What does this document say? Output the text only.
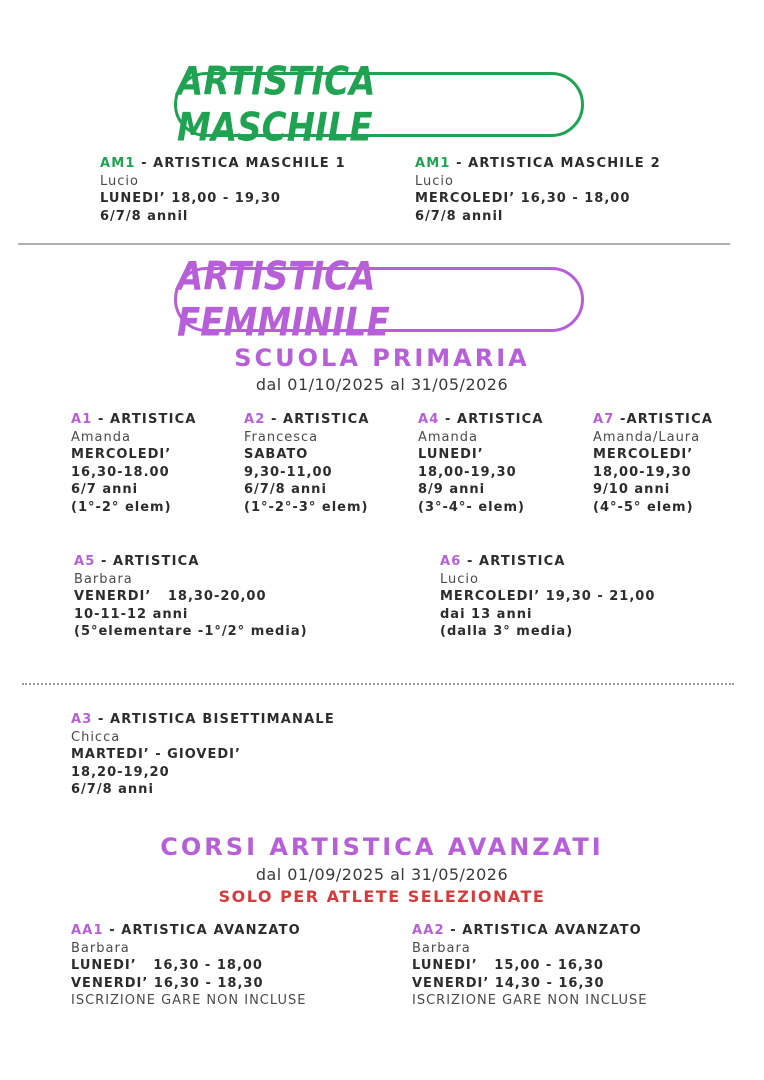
ARTISTICA MASCHILE
AM1 - ARTISTICA MASCHILE 1
Lucio
LUNEDI’ 18,00 - 19,30
6/7/8 annil
AM1 - ARTISTICA MASCHILE 2
Lucio
MERCOLEDI’ 16,30 - 18,00
6/7/8 annil
ARTISTICA FEMMINILE
SCUOLA PRIMARIA
dal 01/10/2025 al 31/05/2026
A1 - ARTISTICA
Amanda
MERCOLEDI’
16,30-18.00
6/7 anni
(1°-2° elem)
A2 - ARTISTICA
Francesca
SABATO
9,30-11,00
6/7/8 anni
(1°-2°-3° elem)
A4 - ARTISTICA
Amanda
LUNEDI’
18,00-19,30
8/9 anni
(3°-4°- elem)
A7 -ARTISTICA
Amanda/Laura
MERCOLEDI’
18,00-19,30
9/10 anni
(4°-5° elem)
A5 - ARTISTICA
Barbara
VENERDI’   18,30-20,00
10-11-12 anni
(5°elementare -1°/2° media)
A6 - ARTISTICA
Lucio
MERCOLEDI’ 19,30 - 21,00
dai 13 anni
(dalla 3° media)
A3 - ARTISTICA BISETTIMANALE
Chicca
MARTEDI’ - GIOVEDI’
18,20-19,20
6/7/8 anni
CORSI ARTISTICA AVANZATI
dal 01/09/2025 al 31/05/2026
SOLO PER ATLETE SELEZIONATE
AA1 - ARTISTICA AVANZATO
Barbara
LUNEDI’   16,30 - 18,00
VENERDI’ 16,30 - 18,30
ISCRIZIONE GARE NON INCLUSE
AA2 - ARTISTICA AVANZATO
Barbara
LUNEDI’   15,00 - 16,30
VENERDI’ 14,30 - 16,30
ISCRIZIONE GARE NON INCLUSE
